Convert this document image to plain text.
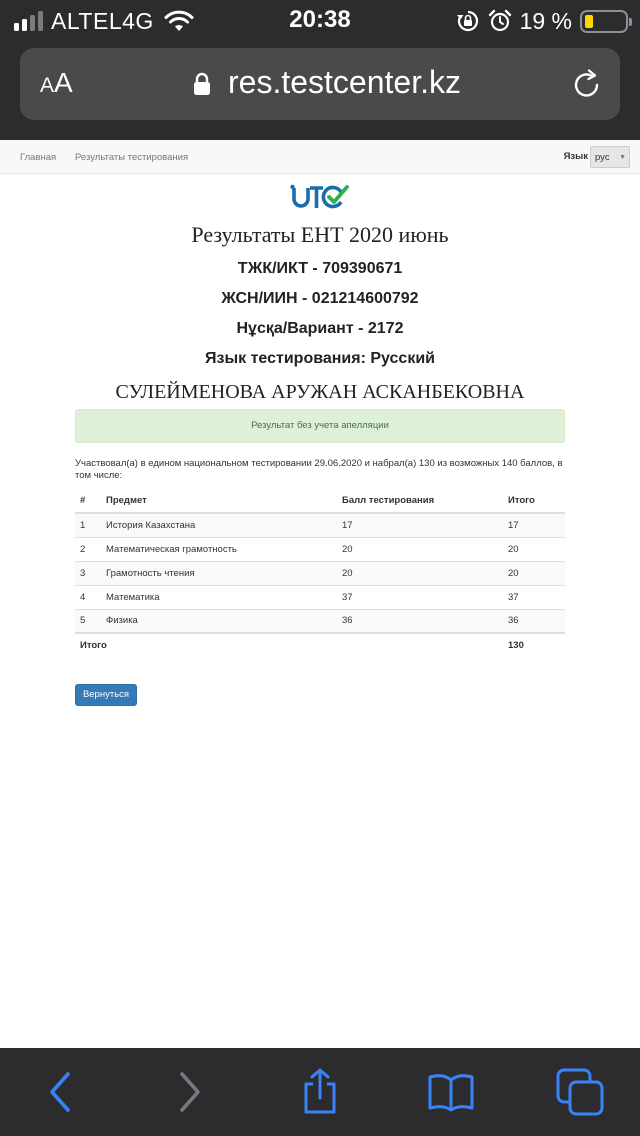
ALTEL4G	20:38	19 %
AA	res.testcenter.kz
Главная Результаты тестирования	Язык рус ▼
Результаты ЕНТ 2020 июнь
ТЖК/ИКТ - 709390671
ЖСН/ИИН - 021214600792
Нұсқа/Вариант - 2172
Язык тестирования: Русский
СУЛЕЙМЕНОВА АРУЖАН АСКАНБЕКОВНА
Результат без учета апелляции
Участвовал(а) в едином национальном тестировании 29.06.2020 и набрал(а) 130 из возможных 140 баллов, в том числе:
#	Предмет	Балл тестирования	Итого
1	История Казахстана	17	17
2	Математическая грамотность	20	20
3	Грамотность чтения	20	20
4	Математика	37	37
5	Физика	36	36
Итого			130
Вернуться
